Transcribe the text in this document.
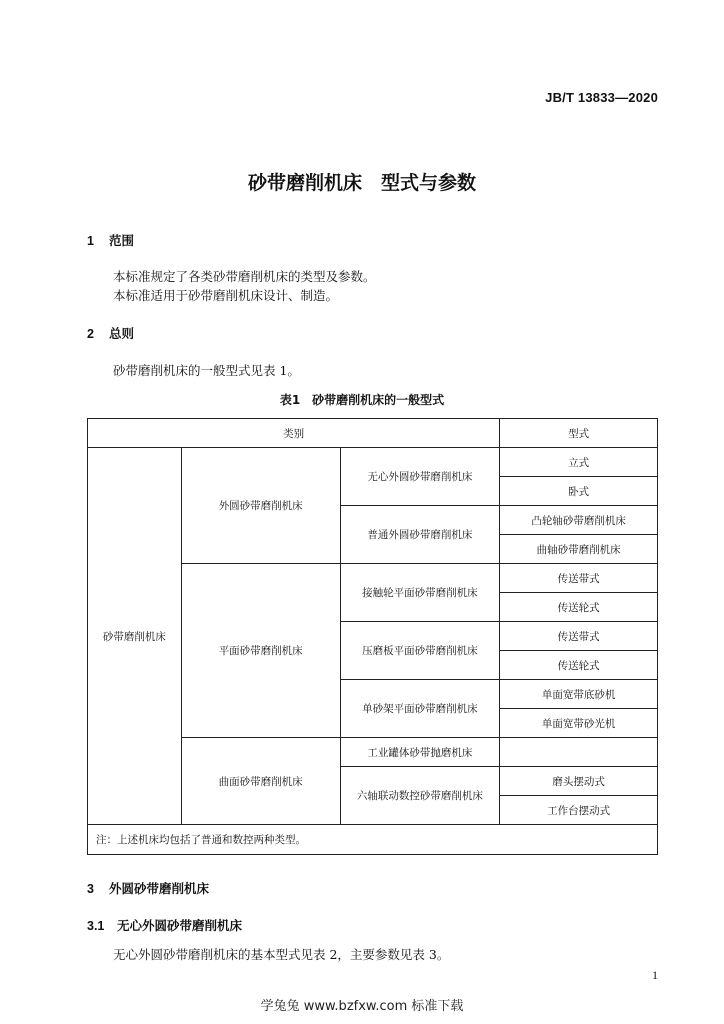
JB/T 13833—2020
砂带磨削机床　型式与参数
1 范围
本标准规定了各类砂带磨削机床的类型及参数。
本标准适用于砂带磨削机床设计、制造。
2 总则
砂带磨削机床的一般型式见表 1。
表1　砂带磨削机床的一般型式
类别			型式
砂带磨削机床	外圆砂带磨削机床	无心外圆砂带磨削机床	立式
			卧式
		普通外圆砂带磨削机床	凸轮轴砂带磨削机床
			曲轴砂带磨削机床
	平面砂带磨削机床	接触轮平面砂带磨削机床	传送带式
			传送轮式
		压磨板平面砂带磨削机床	传送带式
			传送轮式
		单砂架平面砂带磨削机床	单面宽带底砂机
			单面宽带砂光机
	曲面砂带磨削机床	工业罐体砂带抛磨机床	
		六轴联动数控砂带磨削机床	磨头摆动式
			工作台摆动式
注：上述机床均包括了普通和数控两种类型。			
3 外圆砂带磨削机床
3.1 无心外圆砂带磨削机床
无心外圆砂带磨削机床的基本型式见表 2，主要参数见表 3。
1
学兔兔 www.bzfxw.com 标准下载
